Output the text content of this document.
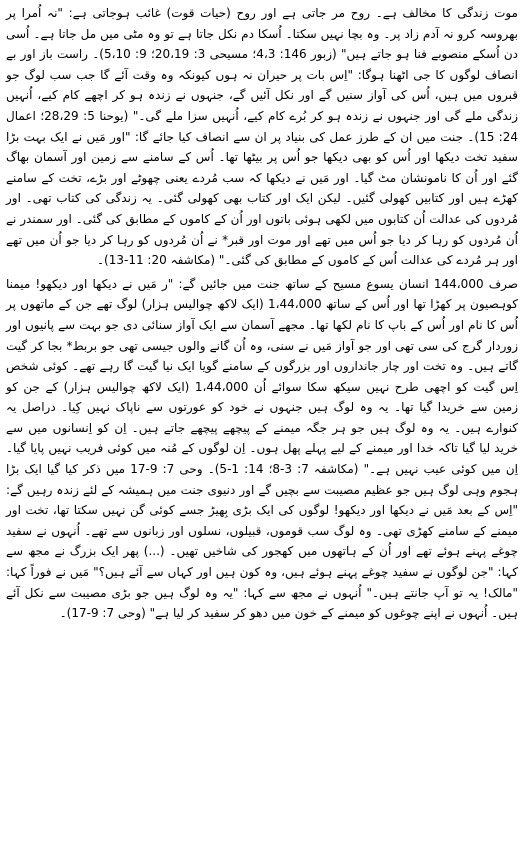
موت زندگی کا مخالف ہے۔ روح مر جاتی ہے اور روح (حیات قوت) غائب ہوجاتی ہے: "نہ اُمرا پر بھروسہ کرو نہ آدم زاد پر۔ وہ بچا نہیں سکتا۔ اُسکا دم نکل جاتا ہے تو وہ مٹی میں مل جاتا ہے۔ اُسی دن اُسکے منصوبے فنا ہو جاتے ہیں" (زبور 146: 4،3؛ مسیحی 3: 20،19؛ 9: 5،10)۔ راست باز اور بے انصاف لوگوں کا جی اٹھنا ہوگا: "اِس بات پر حیران نہ ہوں کیونکہ وہ وقت آئے گا جب سب لوگ جو قبروں میں ہیں، اُس کی آواز سنیں گے اور نکل آئیں گے، جنہوں نے زندہ ہو کر اچھے کام کیے، اُنہیں زندگی ملے گی اور جنہوں نے زندہ ہو کر بُرے کام کیے، اُنہیں سزا ملے گی۔" (یوحنا 5: 28،29؛ اعمال 24: 15)۔ جنت میں ان کے طرز عمل کی بنیاد پر ان سے انصاف کیا جائے گا: "اور مَیں نے ایک بہت بڑا سفید تخت دیکھا اور اُس کو بھی دیکھا جو اُس پر بیٹھا تھا۔ اُس کے سامنے سے زمین اور آسمان بھاگ گئے اور اُن کا نامونشان مٹ گیا۔ اور مَیں نے دیکھا کہ سب مُردے یعنی چھوٹے اور بڑے، تخت کے سامنے کھڑے ہیں اور کتابیں کھولی گئیں۔ لیکن ایک اور کتاب بھی کھولی گئی۔ یہ زندگی کی کتاب تھی۔ اور مُردوں کی عدالت اُن کتابوں میں لکھی ہوئی باتوں اور اُن کے کاموں کے مطابق کی گئی۔ اور سمندر نے اُن مُردوں کو رہا کر دیا جو اُس میں تھے اور موت اور قبر* نے اُن مُردوں کو رہا کر دیا جو اُن میں تھے اور ہر مُردے کی عدالت اُس کے کاموں کے مطابق کی گئی۔" (مکاشفہ 20: 11-13)۔

صرف 144،000 انسان یسوع مسیح کے ساتھ جنت میں جائیں گے: "ر مَیں نے دیکھا اور دیکھو! میمنا کوہصیون پر کھڑا تھا اور اُس کے ساتھ 1،44،000 (ایک لاکھ چوالیس ہزار) لوگ تھے جن کے ماتھوں پر اُس کا نام اور اُس کے باپ کا نام لکھا تھا۔ مجھے آسمان سے ایک آواز سنائی دی جو بہت سے پانیوں اور زوردار گرج کی سی تھی اور جو آواز مَیں نے سنی، وہ اُن گانے والوں جیسی تھی جو بربط* بجا کر گیت گاتے ہیں۔ وہ تخت اور چار جانداروں اور بزرگوں کے سامنے گویا ایک نیا گیت گا رہے تھے۔ کوئی شخص اِس گیت کو اچھی طرح نہیں سیکھ سکا سوائے اُن 1،44،000 (ایک لاکھ چوالیس ہزار) کے جن کو زمین سے خریدا گیا تھا۔ یہ وہ لوگ ہیں جنہوں نے خود کو عورتوں سے ناپاک نہیں کِیا۔ دراصل یہ کنوارے ہیں۔ یہ وہ لوگ ہیں جو ہر جگہ میمنے کے پیچھے پیچھے جاتے ہیں۔ اِن کو اِنسانوں میں سے خرید لیا گیا تاکہ خدا اور میمنے کے لیے پہلے پھل ہوں۔ اِن لوگوں کے مُنہ میں کوئی فریب نہیں پایا گیا۔ اِن میں کوئی عیب نہیں ہے۔" (مکاشفہ 7: 3-8؛ 14: 1-5)۔ وحی 7: 9-17 میں ذکر کیا گیا ایک بڑا ہجوم وہی لوگ ہیں جو عظیم مصیبت سے بچیں گے اور دنیوی جنت میں ہمیشہ کے لئے زندہ رہیں گے: "اِس کے بعد مَیں نے دیکھا اور دیکھو! لوگوں کی ایک بڑی بِھیڑ جسے کوئی گن نہیں سکتا تھا، تخت اور میمنے کے سامنے کھڑی تھی۔ وہ لوگ سب قوموں، قبیلوں، نسلوں اور زبانوں سے تھے۔ اُنہوں نے سفید چوغے پہنے ہوئے تھے اور اُن کے ہاتھوں میں کھجور کی شاخیں تھیں۔ (...) پھر ایک بزرگ نے مجھ سے کہا: "جن لوگوں نے سفید چوغے پہنے ہوئے ہیں، وہ کون ہیں اور کہاں سے آئے ہیں؟" مَیں نے فوراً کہا: "مالک! یہ تو آپ جانتے ہیں۔" اُنہوں نے مجھ سے کہا: "یہ وہ لوگ ہیں جو بڑی مصیبت سے نکل آئے ہیں۔ اُنہوں نے اپنے چوغوں کو میمنے کے خون میں دھو کر سفید کر لیا ہے" (وحی 7: 9-17)۔
